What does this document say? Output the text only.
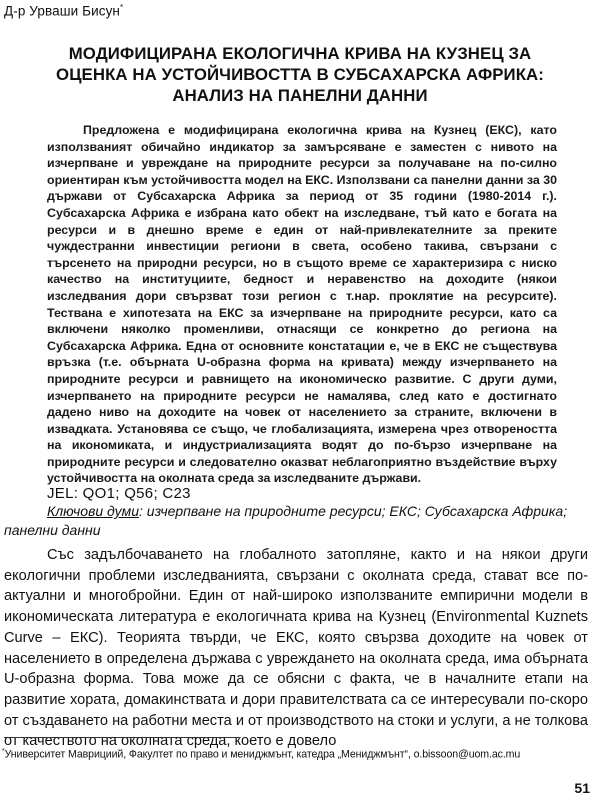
Д-р Урваши Бисун*
МОДИФИЦИРАНА ЕКОЛОГИЧНА КРИВА НА КУЗНЕЦ ЗА
ОЦЕНКА НА УСТОЙЧИВОСТТА В СУБСАХАРСКА АФРИКА:
АНАЛИЗ НА ПАНЕЛНИ ДАННИ

Предложена е модифицирана екологична крива на Кузнец (ЕКС), като използваният обичайно индикатор за замърсяване е заместен с нивото на изчерпване и увреждане на природните ресурси за получаване на по-силно ориентиран към устойчивостта модел на ЕКС. Използвани са панелни данни за 30 държави от Субсахарска Африка за период от 35 години (1980-2014 г.). Субсахарска Африка е избрана като обект на изследване, тъй като е богата на ресурси и в днешно време е един от най-привлекателните за преките чуждестранни инвестиции региони в света, особено такива, свързани с търсенето на природни ресурси, но в същото време се характеризира с ниско качество на институциите, бедност и неравенство на доходите (някои изследвания дори свързват този регион с т.нар. проклятие на ресурсите). Тествана е хипотезата на ЕКС за изчерпване на природните ресурси, като са включени няколко променливи, отнасящи се конкретно до региона на Субсахарска Африка. Една от основните констатации е, че в ЕКС не съществува връзка (т.е. обърната U-образна форма на кривата) между изчерпването на природните ресурси и равнището на икономическо развитие. С други думи, изчерпването на природните ресурси не намалява, след като е достигнато дадено ниво на доходите на човек от населението за страните, включени в извадката. Установява се също, че глобализацията, измерена чрез отвореността на икономиката, и индустриализацията водят до по-бързо изчерпване на природните ресурси и следователно оказват неблагоприятно въздействие върху устойчивостта на околната среда за изследваните държави.

JEL: QO1; Q56; C23
Ключови думи: изчерпване на природните ресурси; ЕКС; Субсахарска Африка; панелни данни

Със задълбочаването на глобалното затопляне, както и на някои други екологични проблеми изследванията, свързани с околната среда, стават все по-актуални и многобройни. Един от най-широко използваните емпирични модели в икономическата литература е екологичната крива на Кузнец (Environmental Kuznets Curve – ЕКС). Теорията твърди, че ЕКС, която свързва доходите на човек от населението в определена държава с увреждането на околната среда, има обърната U-образна форма. Това може да се обясни с факта, че в началните етапи на развитие хората, домакинствата и дори правителствата са се интересували по-скоро от създаването на работни места и от производството на стоки и услуги, а не толкова от качеството на околната среда, което е довело

*Университет Маврициий, Факултет по право и мениджмънт, катедра „Мениджмънт“, o.bissoon@uom.ac.mu
51
